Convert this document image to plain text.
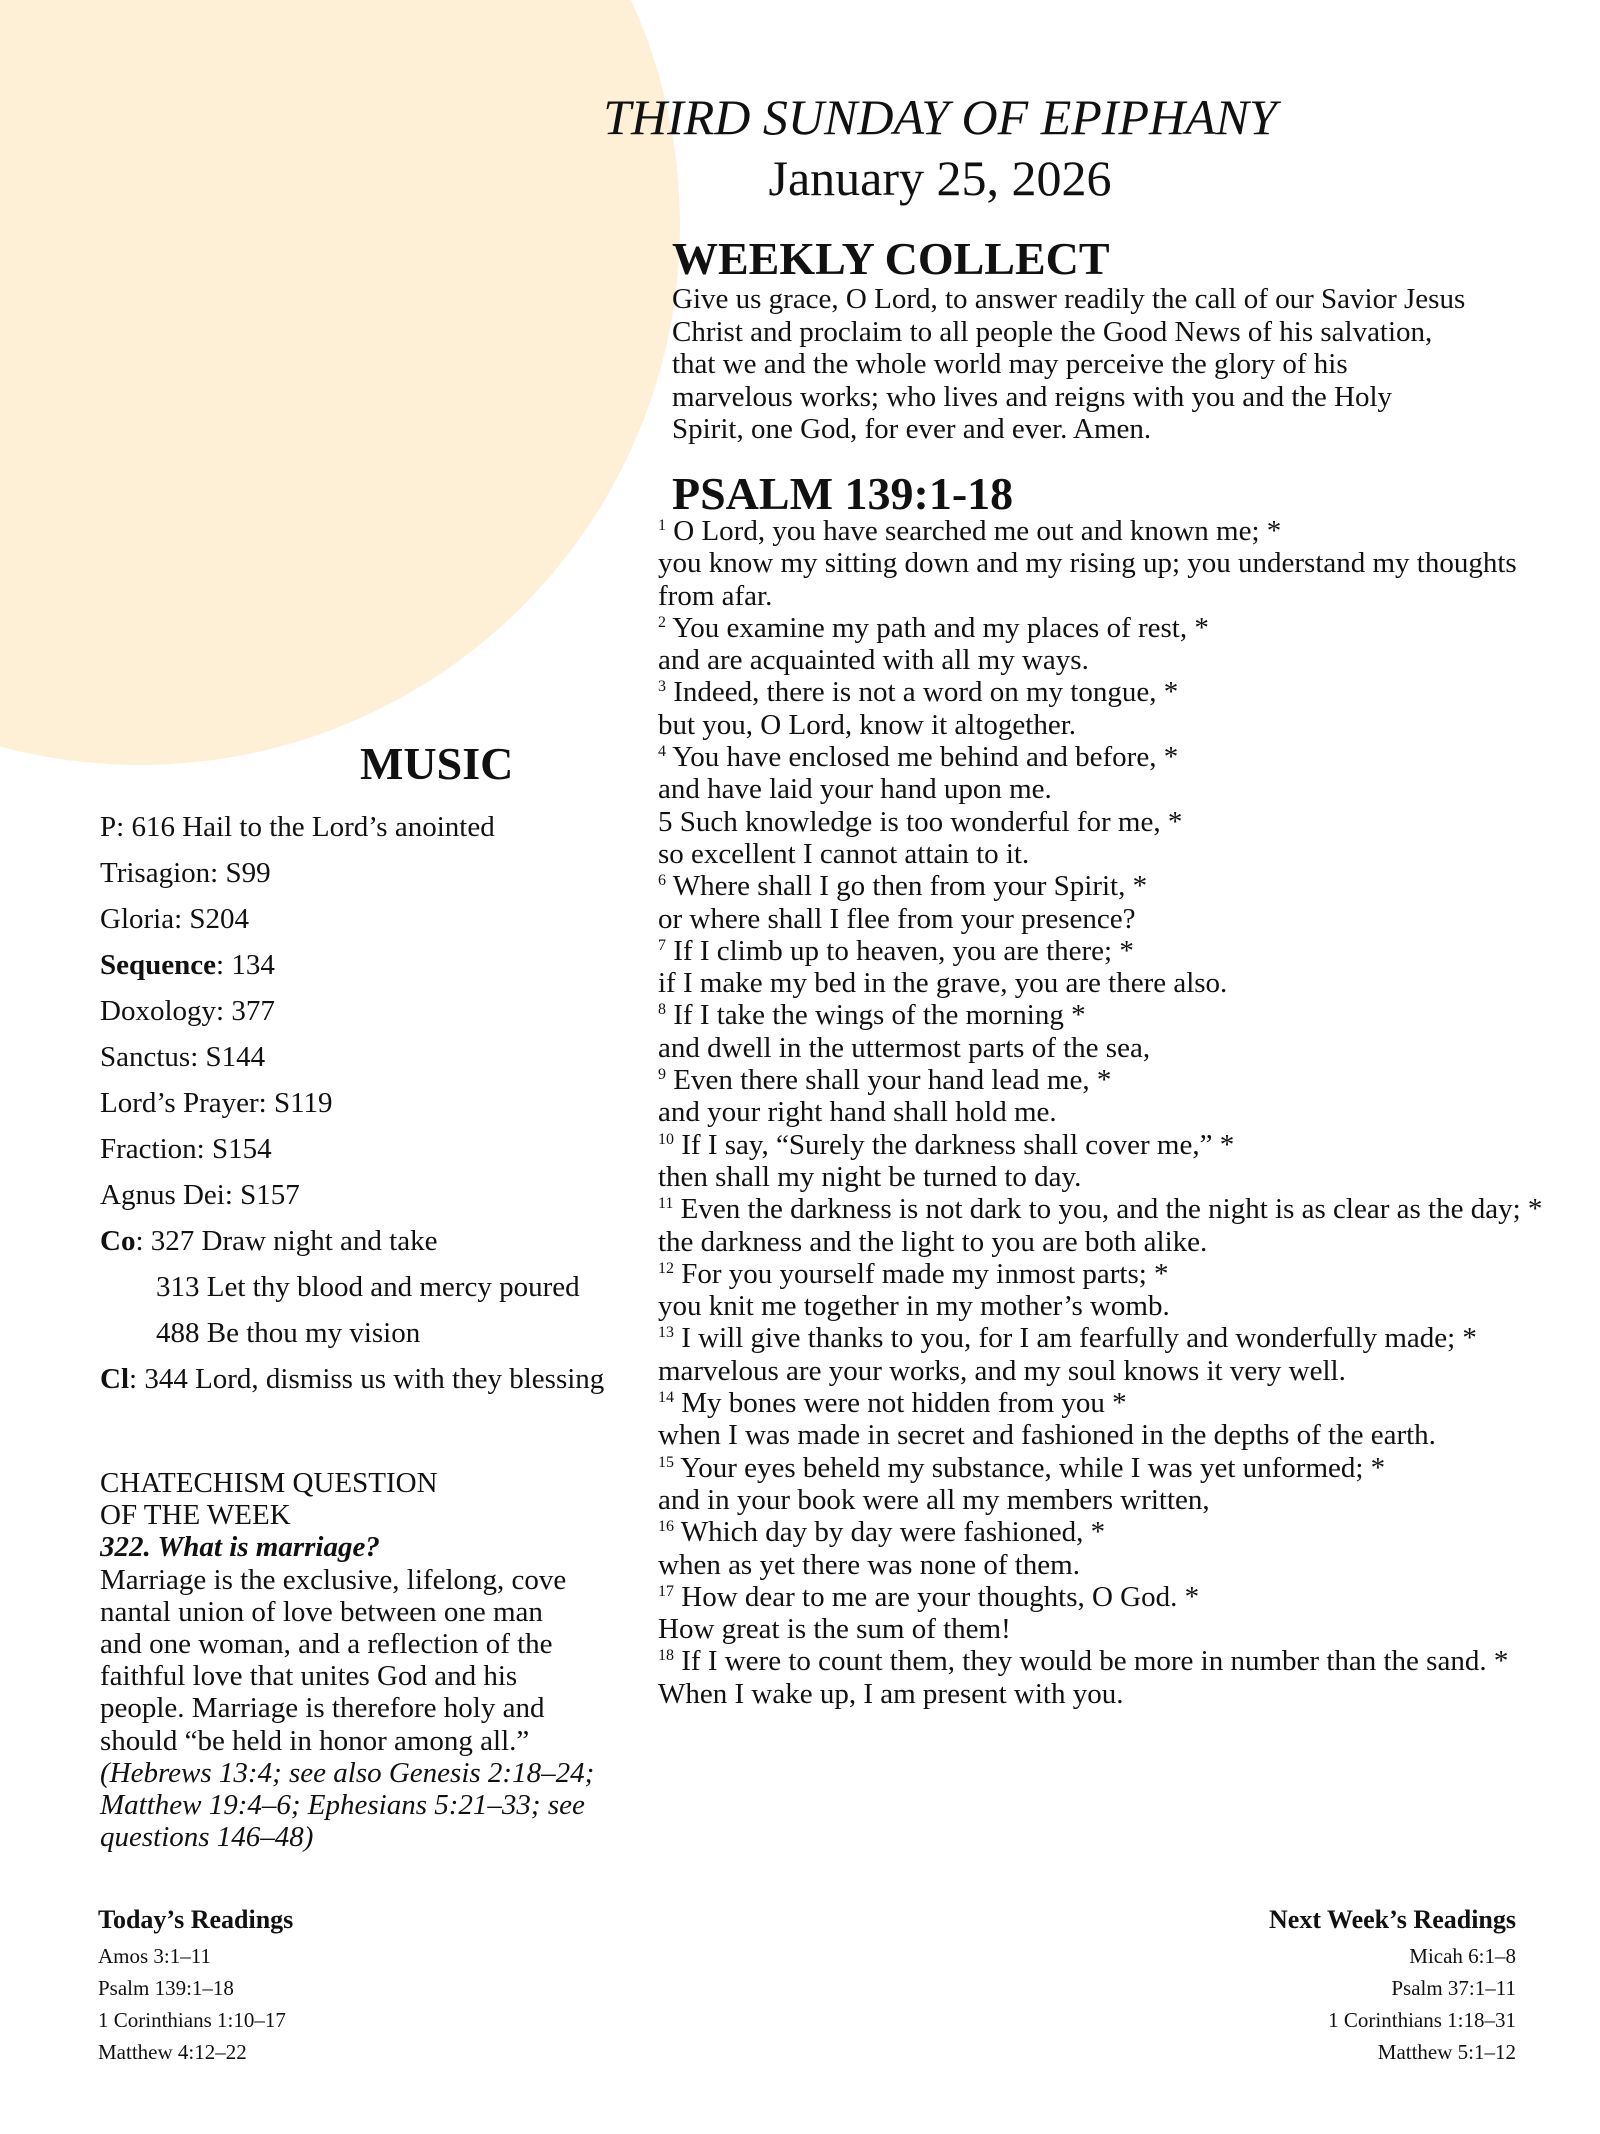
THIRD SUNDAY OF EPIPHANY
January 25, 2026
WEEKLY COLLECT
Give us grace, O Lord, to answer readily the call of our Savior Jesus
Christ and proclaim to all people the Good News of his salvation,
that we and the whole world may perceive the glory of his
marvelous works; who lives and reigns with you and the Holy
Spirit, one God, for ever and ever. Amen.
PSALM 139:1-18

$^1$ O Lord, you have searched me out and known me; *

you know my sitting down and my rising up; you understand my thoughts from afar.

$^2$ You examine my path and my places of rest, *

and are acquainted with all my ways.

$^3$ Indeed, there is not a word on my tongue, *

but you, O Lord, know it altogether.

$^4$ You have enclosed me behind and before, *

and have laid your hand upon me.

5 Such knowledge is too wonderful for me, *

so excellent I cannot attain to it.

$^6$ Where shall I go then from your Spirit, *

or where shall I flee from your presence?

$^7$ If I climb up to heaven, you are there; *

if I make my bed in the grave, you are there also.

$^8$ If I take the wings of the morning *

and dwell in the uttermost parts of the sea,

$^9$ Even there shall your hand lead me, *

and your right hand shall hold me.

$^{10}$ If I say, “Surely the darkness shall cover me,” *

then shall my night be turned to day.

$^{11}$ Even the darkness is not dark to you, and the night is as clear as the day; *

the darkness and the light to you are both alike.

$^{12}$ For you yourself made my inmost parts; *

you knit me together in my mother’s womb.

$^{13}$ I will give thanks to you, for I am fearfully and wonderfully made; *

marvelous are your works, and my soul knows it very well.

$^{14}$ My bones were not hidden from you *

when I was made in secret and fashioned in the depths of the earth.

$^{15}$ Your eyes beheld my substance, while I was yet unformed; *

and in your book were all my members written,

$^{16}$ Which day by day were fashioned, *

when as yet there was none of them.

$^{17}$ How dear to me are your thoughts, O God. *

How great is the sum of them!

$^{18}$ If I were to count them, they would be more in number than the sand. *

When I wake up, I am present with you.

MUSIC
P: 616 Hail to the Lord’s anointed
Trisagion: S99
Gloria: S204
Sequence: 134
Doxology: 377
Sanctus: S144
Lord’s Prayer: S119
Fraction: S154
Agnus Dei: S157
Co: 327 Draw night and take
313 Let thy blood and mercy poured
488 Be thou my vision
Cl: 344 Lord, dismiss us with they blessing

CHATECHISM QUESTION

OF THE WEEK

322. What is marriage?

Marriage is the exclusive, lifelong, cove

nantal union of love between one man

and one woman, and a reflection of the

faithful love that unites God and his

people. Marriage is therefore holy and

should “be held in honor among all.”

(Hebrews 13:4; see also Genesis 2:18–24;

Matthew 19:4–6; Ephesians 5:21–33; see

questions 146–48)

Today’s Readings
Amos 3:1–11
Psalm 139:1–18
1 Corinthians 1:10–17
Matthew 4:12–22
Next Week’s Readings
Micah 6:1–8
Psalm 37:1–11
1 Corinthians 1:18–31
Matthew 5:1–12
